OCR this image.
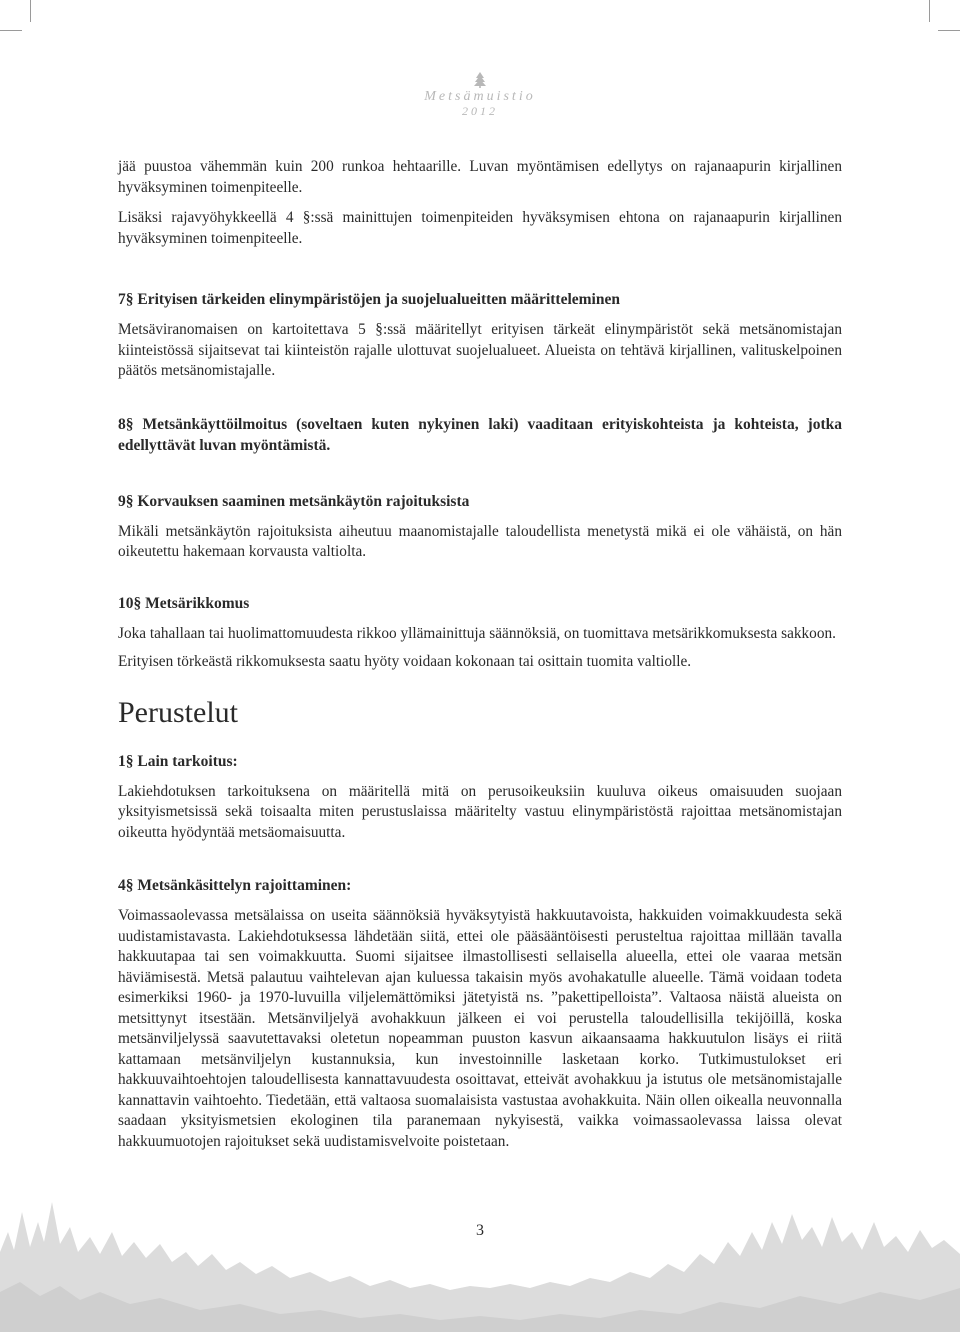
Metsämuistio
2012

jää puustoa vähemmän kuin 200 runkoa hehtaarille. Luvan myöntämisen edellytys on rajanaapurin kirjallinen hyväksyminen toimenpiteelle.

Lisäksi rajavyöhykkeellä 4 §:ssä mainittujen toimenpiteiden hyväksymisen ehtona on rajanaapurin kirjallinen hyväksyminen toimenpiteelle.

7§ Erityisen tärkeiden elinympäristöjen ja suojelualueitten määritteleminen

Metsäviranomaisen on kartoitettava 5 §:ssä määritellyt erityisen tärkeät elinympäristöt sekä metsänomistajan kiinteistössä sijaitsevat tai kiinteistön rajalle ulottuvat suojelualueet. Alueista on tehtävä kirjallinen, valituskelpoinen päätös metsänomistajalle.

8§ Metsänkäyttöilmoitus (soveltaen kuten nykyinen laki) vaaditaan erityiskohteista ja kohteista, jotka edellyttävät luvan myöntämistä.
9§ Korvauksen saaminen metsänkäytön rajoituksista

Mikäli metsänkäytön rajoituksista aiheutuu maanomistajalle taloudellista menetystä mikä ei ole vähäistä, on hän oikeutettu hakemaan korvausta valtiolta.

10§ Metsärikkomus

Joka tahallaan tai huolimattomuudesta rikkoo yllämainittuja säännöksiä, on tuomittava metsärikkomuksesta sakkoon.

Erityisen törkeästä rikkomuksesta saatu hyöty voidaan kokonaan tai osittain tuomita valtiolle.

Perustelut
1§ Lain tarkoitus:

Lakiehdotuksen tarkoituksena on määritellä mitä on perusoikeuksiin kuuluva oikeus omaisuuden suojaan yksityismetsissä sekä toisaalta miten perustuslaissa määritelty vastuu elinympäristöstä rajoittaa metsänomistajan oikeutta hyödyntää metsäomaisuutta.

4§ Metsänkäsittelyn rajoittaminen:

Voimassaolevassa metsälaissa on useita säännöksiä hyväksytyistä hakkuutavoista, hakkuiden voimakkuudesta sekä uudistamistavasta. Lakiehdotuksessa lähdetään siitä, ettei ole pääsääntöisesti perusteltua rajoittaa millään tavalla hakkuutapaa tai sen voimakkuutta. Suomi sijaitsee ilmastollisesti sellaisella alueella, ettei ole vaaraa metsän häviämisestä. Metsä palautuu vaihtelevan ajan kuluessa takaisin myös avohakatulle alueelle. Tämä voidaan todeta esimerkiksi 1960- ja 1970-luvuilla viljelemättömiksi jätetyistä ns. ”pakettipelloista”. Valtaosa näistä alueista on metsittynyt itsestään. Metsänviljelyä avohakkuun jälkeen ei voi perustella taloudellisilla tekijöillä, koska metsänviljelyssä saavutettavaksi oletetun nopeamman puuston kasvun aikaansaama hakkuutulon lisäys ei riitä kattamaan metsänviljelyn kustannuksia, kun investoinnille lasketaan korko. Tutkimustulokset eri hakkuuvaihtoehtojen taloudellisesta kannattavuudesta osoittavat, etteivät avohakkuu ja istutus ole metsänomistajalle kannattavin vaihtoehto. Tiedetään, että valtaosa suomalaisista vastustaa avohakkuita. Näin ollen oikealla neuvonnalla saadaan yksityismetsien ekologinen tila paranemaan nykyisestä, vaikka voimassaolevassa laissa olevat hakkuumuotojen rajoitukset sekä uudistamisvelvoite poistetaan.

3
